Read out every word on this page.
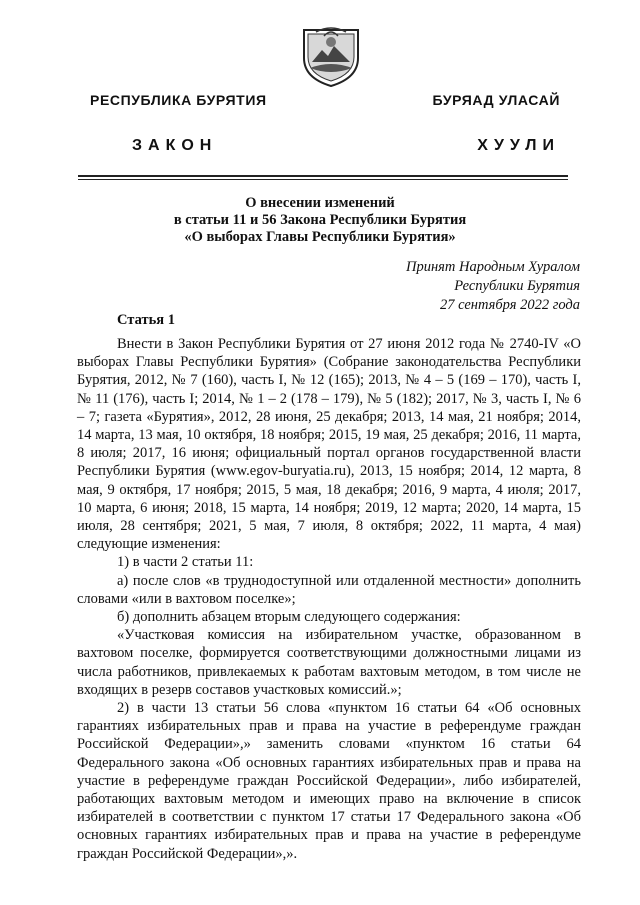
РЕСПУБЛИКА БУРЯТИЯ	БУРЯАД УЛАСАЙ
ЗАКОН	ХУУЛИ
О внесении изменений
в статьи 11 и 56 Закона Республики Бурятия
«О выборах Главы Республики Бурятия»
Принят Народным Хуралом
Республики Бурятия
27 сентября 2022 года
Статья 1

Внести в Закон Республики Бурятия от 27 июня 2012 года № 2740-IV «О выборах Главы Республики Бурятия» (Собрание законодательства Республики Бурятия, 2012, № 7 (160), часть I, № 12 (165); 2013, № 4 – 5 (169 – 170), часть I, № 11 (176), часть I; 2014, № 1 – 2 (178 – 179), № 5 (182); 2017, № 3, часть I, № 6 – 7; газета «Бурятия», 2012, 28 июня, 25 декабря; 2013, 14 мая, 21 ноября; 2014, 14 марта, 13 мая, 10 октября, 18 ноября; 2015, 19 мая, 25 декабря; 2016, 11 марта, 8 июля; 2017, 16 июня; официальный портал органов государственной власти Республики Бурятия (www.egov-buryatia.ru), 2013, 15 ноября; 2014, 12 марта, 8 мая, 9 октября, 17 ноября; 2015, 5 мая, 18 декабря; 2016, 9 марта, 4 июля; 2017, 10 марта, 6 июня; 2018, 15 марта, 14 ноября; 2019, 12 марта; 2020, 14 марта, 15 июля, 28 сентября; 2021, 5 мая, 7 июля, 8 октября; 2022, 11 марта, 4 мая) следующие изменения:

1) в части 2 статьи 11:

а) после слов «в труднодоступной или отдаленной местности» дополнить словами «или в вахтовом поселке»;

б) дополнить абзацем вторым следующего содержания:

«Участковая комиссия на избирательном участке, образованном в вахтовом поселке, формируется соответствующими должностными лицами из числа работников, привлекаемых к работам вахтовым методом, в том числе не входящих в резерв составов участковых комиссий.»;

2) в части 13 статьи 56 слова «пунктом 16 статьи 64 «Об основных гарантиях избирательных прав и права на участие в референдуме граждан Российской Федерации»,» заменить словами «пунктом 16 статьи 64 Федерального закона «Об основных гарантиях избирательных прав и права на участие в референдуме граждан Российской Федерации», либо избирателей, работающих вахтовым методом и имеющих право на включение в список избирателей в соответствии с пунктом 17 статьи 17 Федерального закона «Об основных гарантиях избирательных прав и права на участие в референдуме граждан Российской Федерации»,».
